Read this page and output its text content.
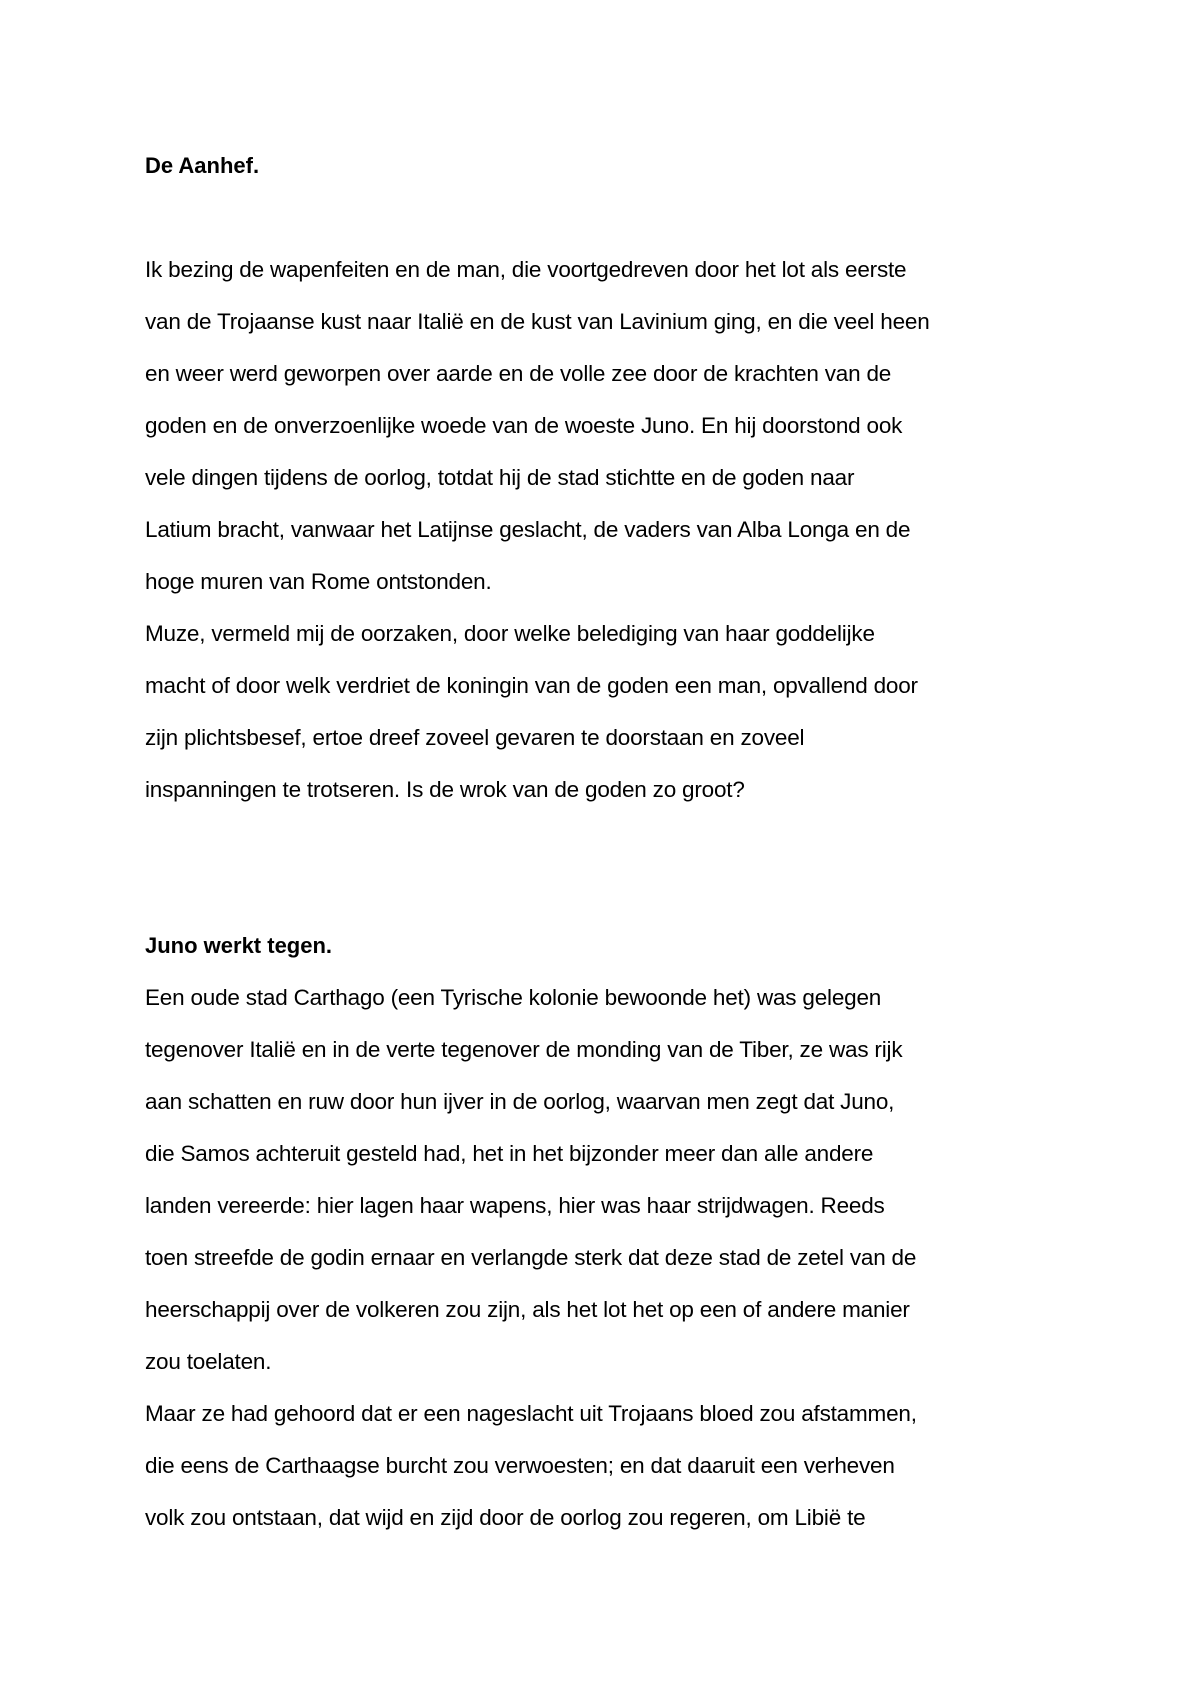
De Aanhef.
Ik bezing de wapenfeiten en de man, die voortgedreven door het lot als eerste
van de Trojaanse kust naar Italië en de kust van Lavinium ging, en die veel heen
en weer werd geworpen over aarde en de volle zee door de krachten van de
goden en de onverzoenlijke woede van de woeste Juno. En hij doorstond ook
vele dingen tijdens de oorlog, totdat hij de stad stichtte en de goden naar
Latium bracht, vanwaar het Latijnse geslacht, de vaders van Alba Longa en de
hoge muren van Rome ontstonden.
Muze, vermeld mij de oorzaken, door welke belediging van haar goddelijke
macht of door welk verdriet de koningin van de goden een man, opvallend door
zijn plichtsbesef, ertoe dreef zoveel gevaren te doorstaan en zoveel
inspanningen te trotseren. Is de wrok van de goden zo groot?
Juno werkt tegen.
Een oude stad Carthago (een Tyrische kolonie bewoonde het) was gelegen
tegenover Italië en in de verte tegenover de monding van de Tiber, ze was rijk
aan schatten en ruw door hun ijver in de oorlog, waarvan men zegt dat Juno,
die Samos achteruit gesteld had, het in het bijzonder meer dan alle andere
landen vereerde: hier lagen haar wapens, hier was haar strijdwagen. Reeds
toen streefde de godin ernaar en verlangde sterk dat deze stad de zetel van de
heerschappij over de volkeren zou zijn, als het lot het op een of andere manier
zou toelaten.
Maar ze had gehoord dat er een nageslacht uit Trojaans bloed zou afstammen,
die eens de Carthaagse burcht zou verwoesten; en dat daaruit een verheven
volk zou ontstaan, dat wijd en zijd door de oorlog zou regeren, om Libië te
